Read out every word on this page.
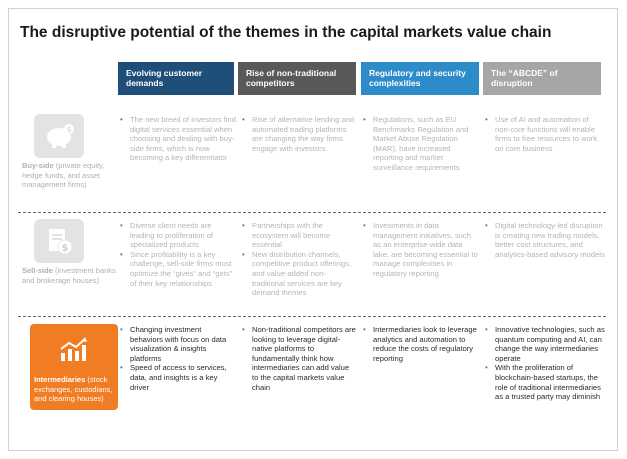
The disruptive potential of the themes in the capital markets value chain
Evolving customer demands
Rise of non-traditional competitors
Regulatory and security complexities
The “ABCDE” of disruption
$
Buy-side (private equity, hedge funds, and asset management firms)
• The new breed of investors find digital services essential when choosing and dealing with buy-side firms, which is now becoming a key differentiator
• Rise of alternative lending and automated trading platforms are changing the way firms engage with investors
• Regulations, such as EU Benchmarks Regulation and Market Abuse Regulation (MAR), have increased reporting and market surveillance requirements
• Use of AI and automation of non-core functions will enable firms to free resources to work on core business
$
Sell-side (investment banks and brokerage houses)
• Diverse client needs are leading to proliferation of specialized products
• Since profitability is a key challenge, sell-side firms must optimize the “gives” and “gets” of their key relationships
• Partnerships with the ecosystem will become essential
• New distribution channels, competitive product offerings, and value-added non-traditional services are key demand themes
• Investments in data management initiatives, such as an enterprise-wide data lake, are becoming essential to manage complexities in regulatory reporting
• Digital technology-led disruption is creating new trading models, better cost structures, and analytics-based advisory models
Intermediaries (stock exchanges, custodians, and clearing houses)
• Changing investment behaviors with focus on data visualization & insights platforms
• Speed of access to services, data, and insights is a key driver
• Non-traditional competitors are looking to leverage digital-native platforms to fundamentally think how intermediaries can add value to the capital markets value chain
• Intermediaries look to leverage analytics and automation to reduce the costs of regulatory reporting
• Innovative technologies, such as quantum computing and AI, can change the way intermediaries operate
• With the proliferation of blockchain-based startups, the role of traditional intermediaries as a trusted party may diminish
